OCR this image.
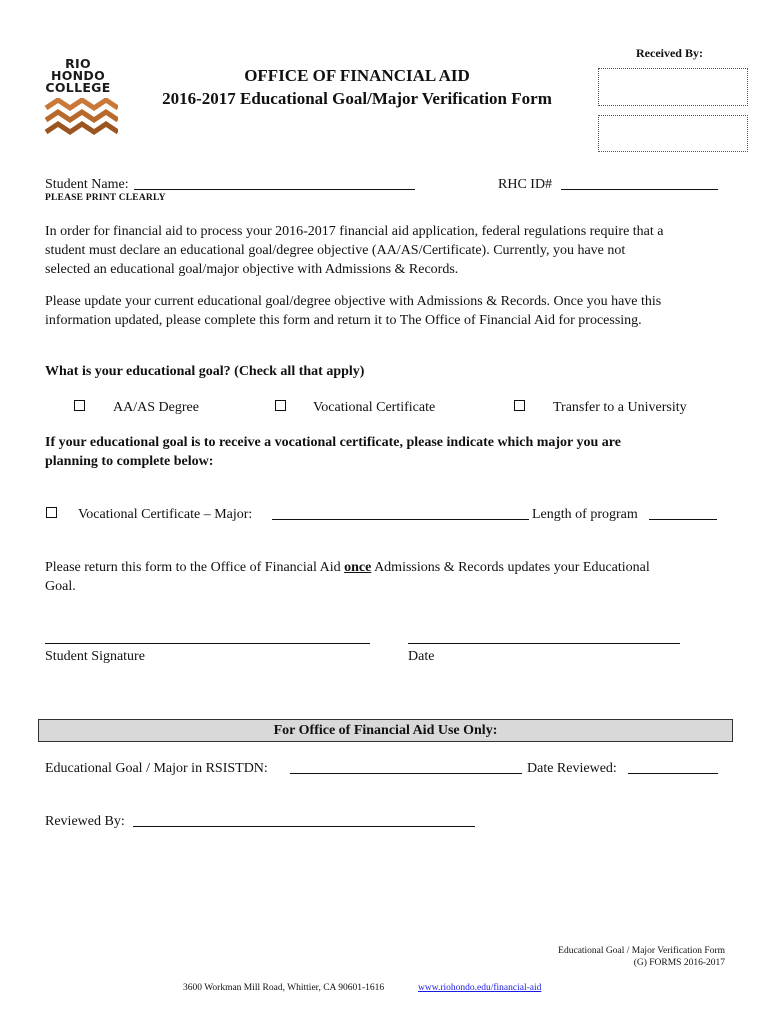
RIO
HONDO
COLLEGE
Received By:
OFFICE OF FINANCIAL AID
2016-2017 Educational Goal/Major Verification Form
Student Name:	RHC ID#
PLEASE PRINT CLEARLY
In order for financial aid to process your 2016-2017 financial aid application, federal regulations require that a
student must declare an educational goal/degree objective (AA/AS/Certificate). Currently, you have not
selected an educational goal/major objective with Admissions & Records.
Please update your current educational goal/degree objective with Admissions & Records. Once you have this
information updated, please complete this form and return it to The Office of Financial Aid for processing.
What is your educational goal? (Check all that apply)
AA/AS Degree	Vocational Certificate	Transfer to a University
If your educational goal is to receive a vocational certificate, please indicate which major you are
planning to complete below:
Vocational Certificate – Major:	Length of program
Please return this form to the Office of Financial Aid once Admissions & Records updates your Educational
Goal.
Student Signature	Date
For Office of Financial Aid Use Only:
Educational Goal / Major in RSISTDN:	Date Reviewed:
Reviewed By:
Educational Goal / Major Verification Form
(G) FORMS 2016-2017
3600 Workman Mill Road, Whittier, CA 90601-1616	www.riohondo.edu/financial-aid
